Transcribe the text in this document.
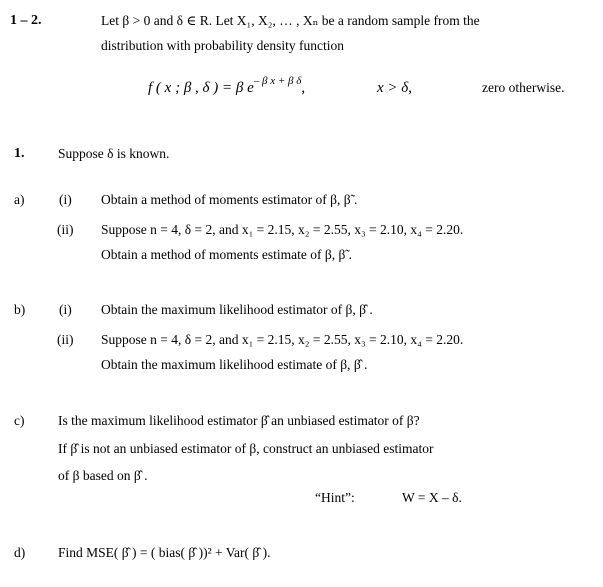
1 – 2.	Let β > 0 and δ ∈ R. Let X₁, X₂, … , Xₙ be a random sample from the
distribution with probability density function
f ( x ; β , δ ) = β $e^{- \beta x + \beta \delta}$,	x > δ,	zero otherwise.
1. Suppose δ is known.
a)	(i) Obtain a method of moments estimator of β, β̃ .
(ii) Suppose n = 4, δ = 2, and x₁ = 2.15, x₂ = 2.55, x₃ = 2.10, x₄ = 2.20.
Obtain a method of moments estimate of β, β̃ .
b)	(i) Obtain the maximum likelihood estimator of β, β̂ .
(ii) Suppose n = 4, δ = 2, and x₁ = 2.15, x₂ = 2.55, x₃ = 2.10, x₄ = 2.20.
Obtain the maximum likelihood estimate of β, β̂ .
c) Is the maximum likelihood estimator β̂ an unbiased estimator of β?
If β̂ is not an unbiased estimator of β, construct an unbiased estimator
of β based on β̂ .
“Hint”:	W = X – δ.
d) Find MSE( β̂ ) = ( bias( β̂ ))² + Var( β̂ ).
